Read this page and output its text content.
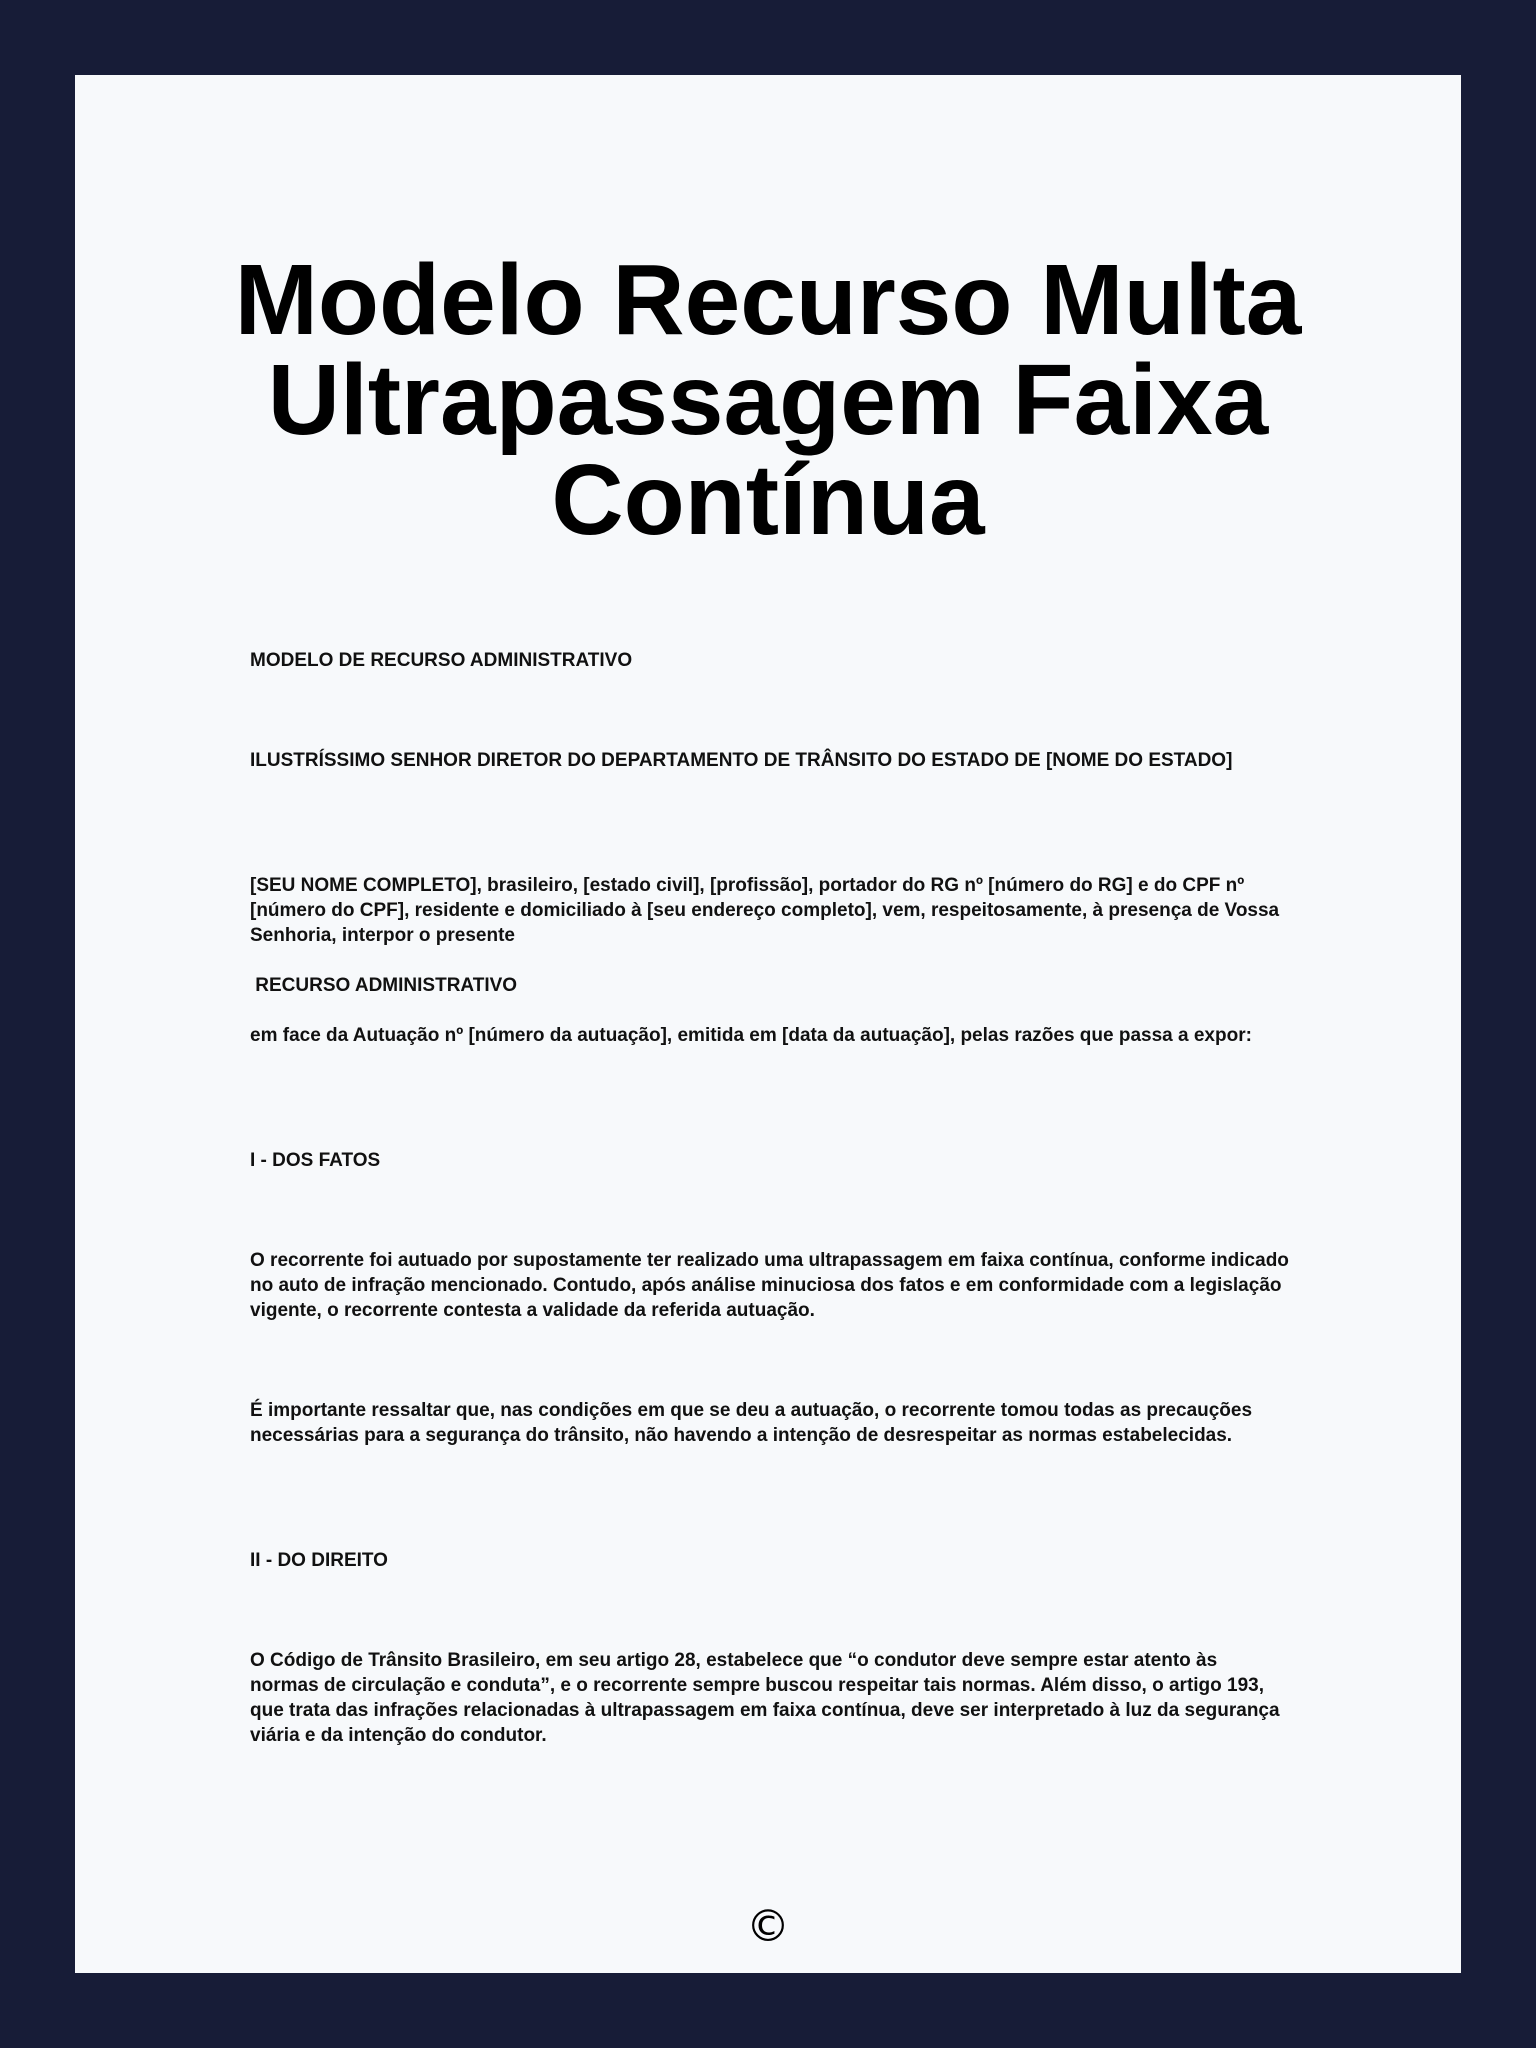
Modelo Recurso Multa Ultrapassagem Faixa Contínua

MODELO DE RECURSO ADMINISTRATIVO

ILUSTRÍSSIMO SENHOR DIRETOR DO DEPARTAMENTO DE TRÂNSITO DO ESTADO DE [NOME DO ESTADO]

[SEU NOME COMPLETO], brasileiro, [estado civil], [profissão], portador do RG nº [número do RG] e do CPF nº [número do CPF], residente e domiciliado à [seu endereço completo], vem, respeitosamente, à presença de Vossa Senhoria, interpor o presente

RECURSO ADMINISTRATIVO

em face da Autuação nº [número da autuação], emitida em [data da autuação], pelas razões que passa a expor:

I - DOS FATOS

O recorrente foi autuado por supostamente ter realizado uma ultrapassagem em faixa contínua, conforme indicado no auto de infração mencionado. Contudo, após análise minuciosa dos fatos e em conformidade com a legislação vigente, o recorrente contesta a validade da referida autuação.

É importante ressaltar que, nas condições em que se deu a autuação, o recorrente tomou todas as precauções necessárias para a segurança do trânsito, não havendo a intenção de desrespeitar as normas estabelecidas.

II - DO DIREITO

O Código de Trânsito Brasileiro, em seu artigo 28, estabelece que “o condutor deve sempre estar atento às normas de circulação e conduta”, e o recorrente sempre buscou respeitar tais normas. Além disso, o artigo 193, que trata das infrações relacionadas à ultrapassagem em faixa contínua, deve ser interpretado à luz da segurança viária e da intenção do condutor.

©
